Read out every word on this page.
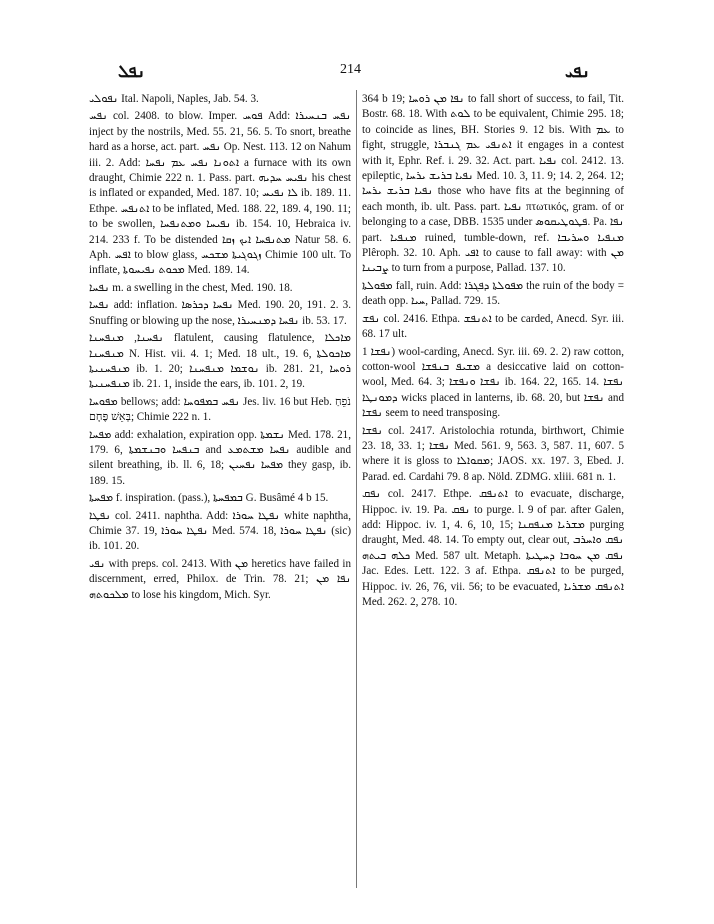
ܢܦܠ	214	ܢܦܝ

ܢܦܘܠܝ Ital. Napoli, Naples, Jab. 54. 3.

ܢܦܚ col. 2408. to blow. Imper. ܦܘܚ Add: ܢܦܚ ܒܢܚܝܪܐ inject by the nostrils, Med. 55. 21, 56. 5. To snort, breathe hard as a horse, act. part. ܢܦܚ Op. Nest. 113. 12 on Nahum iii. 2. Add: ܐܬܘܢܐ ܢܦܚ ܥܡ ܢܦܚܐ a furnace with its own draught, Chimie 222 n. 1. Pass. part. ܢܦܝܚ ܚܕܝܗ his chest is inflated or expanded, Med. 187. 10; ܠܐ ܢܦܝܚ ib. 189. 11. Ethpe. ܐܬܢܦܚ to be inflated, Med. 188. 22, 189. 4, 190. 11; to be swollen, ܢܦܝܚܐ ܘܡܬܢܦܚܐ ib. 154. 10, Hebraica iv. 214. 233 f. To be distended ܡܬܢܦܚܐ ܐܝܟ ܙܩܐ Natur 58. 6. Aph. ܐܦܚ to blow glass, ܙܓܘܓܝܬܐ ܡܫܟܚ Chimie 100 ult. To inflate, ܡܟܘܬ ܢܦܝܚܘܬܐ Med. 189. 14.

ܢܦܚܐ m. a swelling in the chest, Med. 190. 18.

ܢܦܚܐ add: inflation. ܢܦܚܐ ܕܟܪܣܐ Med. 190. 20, 191. 2. 3. Snuffing or blowing up the nose, ܢܦܚܐ ܕܡܢܚܝܪܐ ib. 53. 17.

ܢܦܚܢܐ, ܡܢܦܚܢܐ flatulent, causing flatulence, ܡܐܟܠܐ ܡܢܦܚܢܐ N. Hist. vii. 4. 1; Med. 18 ult., 19. 6, ܡܐܟܘܠܬܐ ܡܢܦܚܢܝܬܐ ib. 1. 20; ܢܘܫܡܐ ܡܢܦܚܢܐ ib. 281. 21, ܪܘܚܐ ܡܢܦܚܢܝܬܐ ib. 21. 1, inside the ears, ib. 101. 2, 19.

ܡܦܘܚܐ bellows; add: ܢܦܚ ܒܡܦܘܚܐ Jes. liv. 16 but Heb. נֹפֵחַ בְּאֵשׁ פֶּחָם; Chimie 222 n. 1.

ܡܦܚܐ add: exhalation, expiration opp. ܢܫܡܬܐ Med. 178. 21, 179. 6, ܒܢܦܚܐ ܘܒܢܫܡܬܐ and ܢܦܚܐ ܡܫܬܡܥ audible and silent breathing, ib. ll. 6, 18; ܡܦܚܐ ܢܦܚܝܢ they gasp, ib. 189. 15.

ܡܦܚܬܐ f. inspiration. (pass.), ܒܡܦܚܬܐ G. Busâmé 4 b 15.

ܢܦܛܐ col. 2411. naphtha. Add: ܢܦܛܐ ܚܘܪܐ white naphtha, Chimie 37. 19, ܢܦܛܐ ܚܘܪܐ Med. 574. 18, ܢܦܛܐ ܚܘܪܐ (sic) ib. 101. 20.

ܢܦܝ with preps. col. 2413. With ܡܢ heretics have failed in discernment, erred, Philox. de Trin. 78. 21; ܢܦܐ ܡܢ ܡܠܟܘܬܗ to lose his kingdom, Mich. Syr.

364 b 19; ܢܦܐ ܡܢ ܪܘܚܐ to fall short of success, to fail, Tit. Bostr. 68. 18. With ܠܘܬ to be equivalent, Chimie 295. 18; to coincide as lines, BH. Stories 9. 12 bis. With ܥܡ to fight, struggle, ܐܬܢܦܝ ܥܡ ܓܢܒܪܐ it engages in a contest with it, Ephr. Ref. i. 29. 32. Act. part. ܢܦܝܐ col. 2412. 13. epileptic, ܢܦܝܐ ܒܪܝܫ ܝܪܚܐ Med. 10. 3, 11. 9; 14. 2, 264. 12; ܢܦܝܐ ܒܪܝܫ ܝܪܚܐ those who have fits at the beginning of each month, ib. ult. Pass. part. ܢܦܝܐ πτωτικός, gram. of or belonging to a case, DBB. 1535 under ܦܛܘܛܝܩܘܣ. Pa. ܢܦܐ part. ܡܢܦܝܐ ruined, tumble-down, ref. ܡܢܦܝܐ ܘܚܪܝܒܐ Plêroph. 32. 10. Aph. ܐܦܝ to cause to fall away: with ܡܢ ܨܒܝܢܐ to turn from a purpose, Pallad. 137. 10.

ܡܦܘܠܬܐ fall, ruin. Add: ܡܦܘܠܬܐ ܕܦܓܪܐ the ruin of the body = death opp. ܚܝܐ, Pallad. 729. 15.

ܢܦܫ col. 2416. Ethpa. ܐܬܢܦܫ to be carded, Anecd. Syr. iii. 68. 17 ult.

ܢܦܫܐ 1) wool-carding, Anecd. Syr. iii. 69. 2. 2) raw cotton, cotton-wool ܡܫܝܦ ܒܢܦܫܐ a desiccative laid on cotton-wool, Med. 64. 3; ܢܦܫܐ ܘܢܦܫܐ ib. 164. 22, 165. 14. ܢܦܫܐ ܕܡܘܢܛܐ wicks placed in lanterns, ib. 68. 20, but ܢܦܫܐ and ܢܦܫܐ seem to need transposing.

ܢܦܫܐ col. 2417. Aristolochia rotunda, birthwort, Chimie 23. 18, 33. 1; ܢܦܫܐ Med. 561. 9, 563. 3, 587. 11, 607. 5 where it is gloss to ܡܩܘܐܠܐ; JAOS. xx. 197. 3, Ebed. J. Parad. ed. Cardahi 79. 8 ap. Nöld. ZDMG. xliii. 681 n. 1.

ܢܦܩ col. 2417. Ethpe. ܐܬܢܦܩ to evacuate, discharge, Hippoc. iv. 19. Pa. ܢܦܩ to purge. l. 9 of par. after Galen, add: Hippoc. iv. 1, 4. 6, 10, 15; ܡܫܪܝܐ ܡܢܦܩܢܐ purging draught, Med. 48. 14. To empty out, clear out, ܢܦܩ ܘܐܚܪܒ ܟܠܗ ܒܝܬܗ Med. 587 ult. Metaph. ܢܦܩ ܡܢ ܚܘܒܐ ܕܚܛܝܬܐ Jac. Edes. Lett. 122. 3 af. Ethpa. ܐܬܢܦܩ to be purged, Hippoc. iv. 26, 76, vii. 56; to be evacuated, ܐܬܢܦܩ ܡܫܪܝܐ Med. 262. 2, 278. 10.
